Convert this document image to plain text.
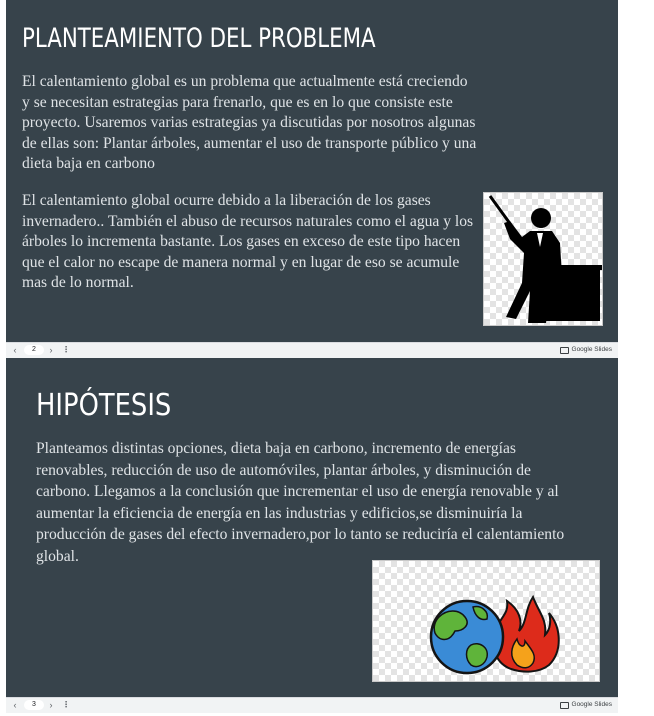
PLANTEAMIENTO DEL PROBLEMA

El calentamiento global es un problema que actualmente está creciendo y se necesitan estrategias para frenarlo, que es en lo que consiste este proyecto. Usaremos varias estrategias ya discutidas por nosotros algunas de ellas son: Plantar árboles, aumentar el uso de transporte público y una dieta baja en carbono

El calentamiento global ocurre debido a la liberación de los gases invernadero.. También el abuso de recursos naturales como el agua y los árboles lo incrementa bastante. Los gases en exceso de este tipo hacen que el calor no escape de manera normal y en lugar de eso se acumule mas de lo normal.

‹	2	›	⋮	Google Slides
HIPÓTESIS

Planteamos distintas opciones, dieta baja en carbono, incremento de energías renovables, reducción de uso de automóviles, plantar árboles, y disminución de carbono. Llegamos a la conclusión que incrementar el uso de energía renovable y al aumentar la eficiencia de energía en las industrias y edificios,se disminuiría la producción de gases del efecto invernadero,por lo tanto se reduciría el calentamiento global.

‹	3	›	⋮	Google Slides
